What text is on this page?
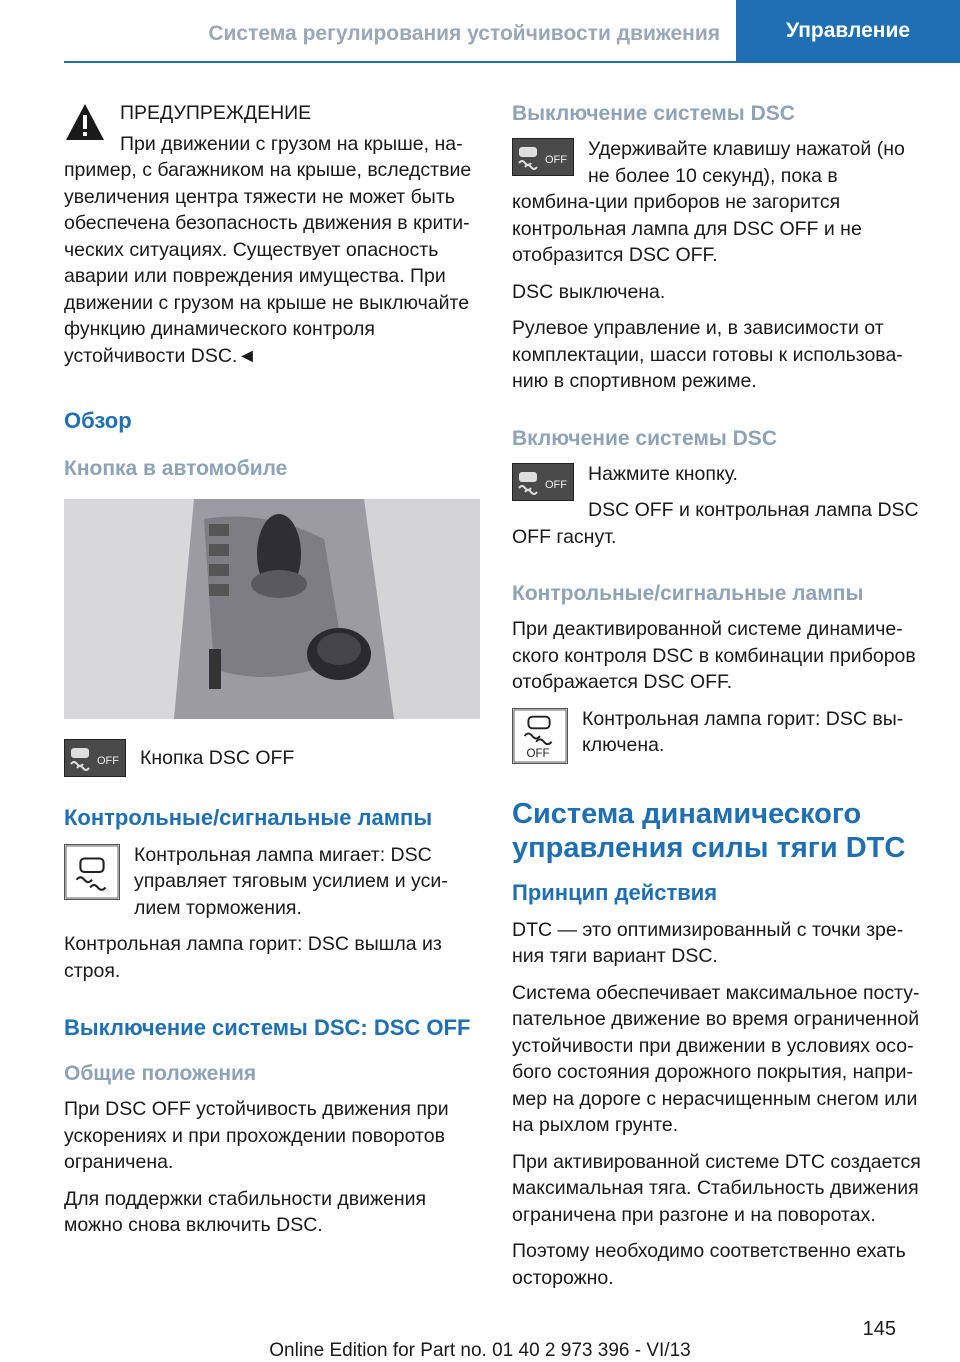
Система регулирования устойчивости движения	Управление

ПРЕДУПРЕЖДЕНИЕ

При движении с грузом на крыше, на-пример, с багажником на крыше, вследствие увеличения центра тяжести не может быть обеспечена безопасность движения в крити-ческих ситуациях. Существует опасность аварии или повреждения имущества. При движении с грузом на крыше не выключайте функцию динамического контроля устойчивости DSC.◄

Обзор
Кнопка в автомобиле
OFF	Кнопка DSC OFF

Контрольные/сигнальные лампы

Контрольная лампа мигает: DSC управляет тяговым усилием и уси-лием торможения.

Контрольная лампа горит: DSC вышла из строя.

Выключение системы DSC: DSC OFF
Общие положения

При DSC OFF устойчивость движения при ускорениях и при прохождении поворотов ограничена.

Для поддержки стабильности движения можно снова включить DSC.

Выключение системы DSC
OFF	Удерживайте клавишу нажатой (но не более 10 секунд), пока в комбина-ции приборов не загорится контрольная лампа для DSC OFF и не отобразится DSC OFF.

DSC выключена.

Рулевое управление и, в зависимости от комплектации, шасси готовы к использова-нию в спортивном режиме.

Включение системы DSC
OFF	Нажмите кнопку.

DSC OFF и контрольная лампа DSC OFF гаснут.

Контрольные/сигнальные лампы

При деактивированной системе динамиче-ского контроля DSC в комбинации приборов отображается DSC OFF.

OFF

Контрольная лампа горит: DSC вы-ключена.

Система динамического управления силы тяги DTC
Принцип действия

DTC — это оптимизированный с точки зре-ния тяги вариант DSC.

Система обеспечивает максимальное посту-пательное движение во время ограниченной устойчивости при движении в условиях осо-бого состояния дорожного покрытия, напри-мер на дороге с нерасчищенным снегом или на рыхлом грунте.

При активированной системе DTC создается максимальная тяга. Стабильность движения ограничена при разгоне и на поворотах.

Поэтому необходимо соответственно ехать осторожно.

145
Online Edition for Part no. 01 40 2 973 396 - VI/13
